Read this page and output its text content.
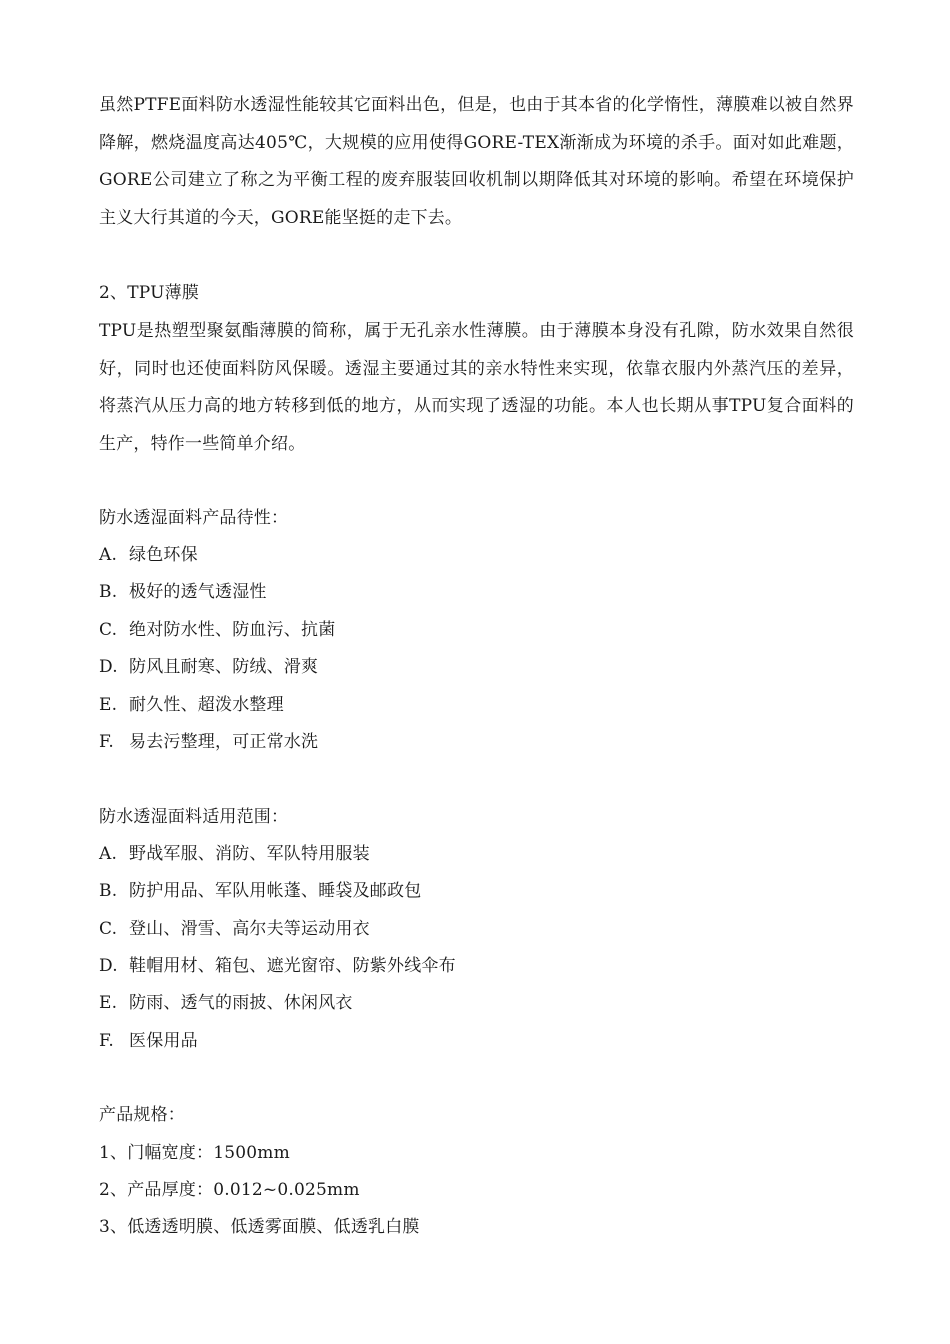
虽然PTFE面料防水透湿性能较其它面料出色，但是，也由于其本省的化学惰性，薄膜难以被自然界降解，燃烧温度高达405℃，大规模的应用使得GORE-TEX渐渐成为环境的杀手。面对如此难题，GORE公司建立了称之为平衡工程的废弃服装回收机制以期降低其对环境的影响。希望在环境保护主义大行其道的今天，GORE能坚挺的走下去。

2、TPU薄膜

TPU是热塑型聚氨酯薄膜的简称，属于无孔亲水性薄膜。由于薄膜本身没有孔隙，防水效果自然很好，同时也还使面料防风保暖。透湿主要通过其的亲水特性来实现，依靠衣服内外蒸汽压的差异，将蒸汽从压力高的地方转移到低的地方，从而实现了透湿的功能。本人也长期从事TPU复合面料的生产，特作一些简单介绍。

防水透湿面料产品待性：
A. 绿色环保
B. 极好的透气透湿性
C. 绝对防水性、防血污、抗菌
D. 防风且耐寒、防绒、滑爽
E. 耐久性、超泼水整理
F. 易去污整理，可正常水洗
防水透湿面料适用范围：
A. 野战军服、消防、军队特用服装
B. 防护用品、军队用帐蓬、睡袋及邮政包
C. 登山、滑雪、高尔夫等运动用衣
D. 鞋帽用材、箱包、遮光窗帘、防紫外线伞布
E. 防雨、透气的雨披、休闲风衣
F. 医保用品
产品规格：
1、门幅宽度：1500mm
2、产品厚度：0.012~0.025mm
3、低透透明膜、低透雾面膜、低透乳白膜
